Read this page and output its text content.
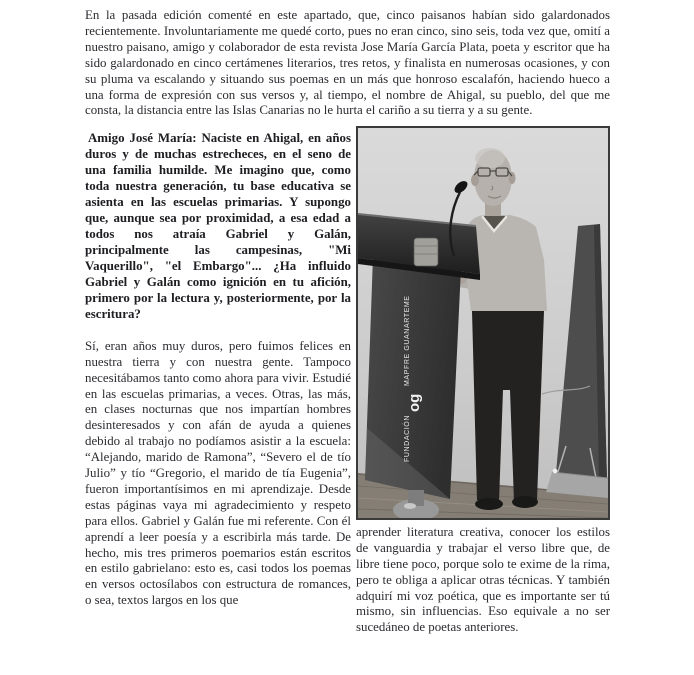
En la pasada edición comenté en este apartado, que, cinco paisanos habían sido galardonados recientemente. Involuntariamente me quedé corto, pues no eran cinco, sino seis, toda vez que, omití a nuestro paisano, amigo y colaborador de esta revista Jose María García Plata, poeta y escritor que ha sido galardonado en cinco certámenes literarios, tres retos, y finalista en numerosas ocasiones, y con su pluma va escalando y situando sus poemas en un más que honroso escalafón, haciendo hueco a una forma de expresión con sus versos y, al tiempo, el nombre de Ahigal, su pueblo, del que me consta, la distancia entre las Islas Canarias no le hurta el cariño a su tierra y a su gente.

Amigo José María: Naciste en Ahigal, en años duros y de muchas estrecheces, en el seno de una familia humilde. Me imagino que, como toda nuestra generación, tu base educativa se asienta en las escuelas primarias. Y supongo que, aunque sea por proximidad, a esa edad a todos nos atraía Gabriel y Galán, principalmente las campesinas, "Mi Vaquerillo", "el Embargo"... ¿Ha influido Gabriel y Galán como ignición en tu afición, primero por la lectura y, posteriormente, por la escritura?

Sí, eran años muy duros, pero fuimos felices en nuestra tierra y con nuestra gente. Tampoco necesitábamos tanto como ahora para vivir. Estudié en las escuelas primarias, a veces. Otras, las más, en clases nocturnas que nos impartían hombres desinteresados y con afán de ayuda a quienes debido al trabajo no podíamos asistir a la escuela: “Alejando, marido de Ramona”, “Severo el de tío Julio” y tío “Gregorio, el marido de tía Eugenia”, fueron importantísimos en mi aprendizaje. Desde estas páginas vaya mi agradecimiento y respeto para ellos. Gabriel y Galán fue mi referente. Con él aprendí a leer poesía y a escribirla más tarde. De hecho, mis tres primeros poemarios están escritos en estilo gabrielano: esto es, casi todos los poemas en versos octosílabos con estructura de romances, o sea, textos largos en los que

FUNDACIÓN
og
MAPFRE GUANARTEME

aprender literatura creativa, conocer los estilos de vanguardia y trabajar el verso libre que, de libre tiene poco, porque solo te exime de la rima, pero te obliga a aplicar otras técnicas. Y también adquirí mi voz poética, que es importante ser tú mismo, sin influencias. Eso equivale a no ser sucedáneo de poetas anteriores.
